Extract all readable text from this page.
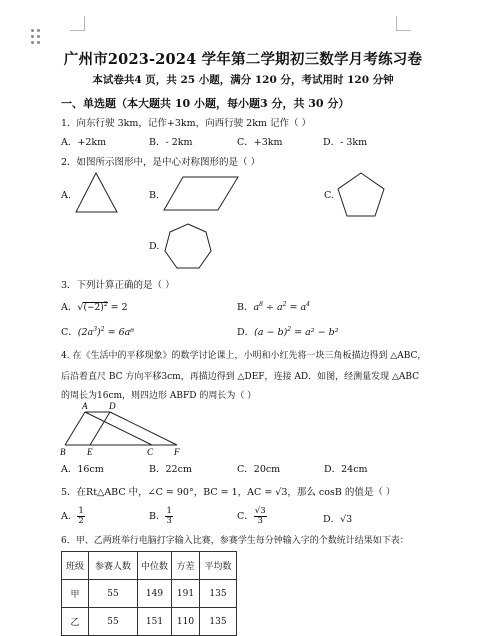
广州市2023-2024 学年第二学期初三数学月考练习卷
本试卷共4 页，共 25 小题，满分 120 分，考试用时 120 分钟
一、单选题（本大题共 10 小题，每小题3 分，共 30 分）
1．向东行驶 3km，记作+3km，向西行驶 2km 记作（ ）
A．+2km	B．- 2km	C．+3km	D．- 3km
2．如图所示图形中，是中心对称图形的是（ ）
A.	B.	C.
D.
3．下列计算正确的是（ ）
A．$√(-2)^2 = 2$	B．$a^8 \div a^2 = a^4$
C．$(2a^3)^2 = 6a^6$	D．$(a - b)^2 = a^2 - b^2$
4. 在《生活中的平移现象》的数学讨论课上，小明和小红先将一块三角板描边得到 △ABC，
后沿着直尺 BC 方向平移3cm，再描边得到 △DEF，连接 AD．如图，经测量发现 △ABC
的周长为16cm，则四边形 ABFD 的周长为（ ）
A D
B E	C F
A．16cm	B．22cm	C．20cm	D．24cm
5．在Rt△ABC 中，∠C = 90°，BC = 1，AC = √3，那么 cosB 的值是（ ）
A． $\frac{1}{2}$	B． $\frac{1}{3}$	C． $\frac{√3}{3}$	D．√3
6．甲、乙两班举行电脑打字输入比赛，参赛学生每分钟输入字的个数统计结果如下表：
班级	参赛人数	中位数	方差	平均数
甲	55	149	191	135
乙	55	151	110	135
